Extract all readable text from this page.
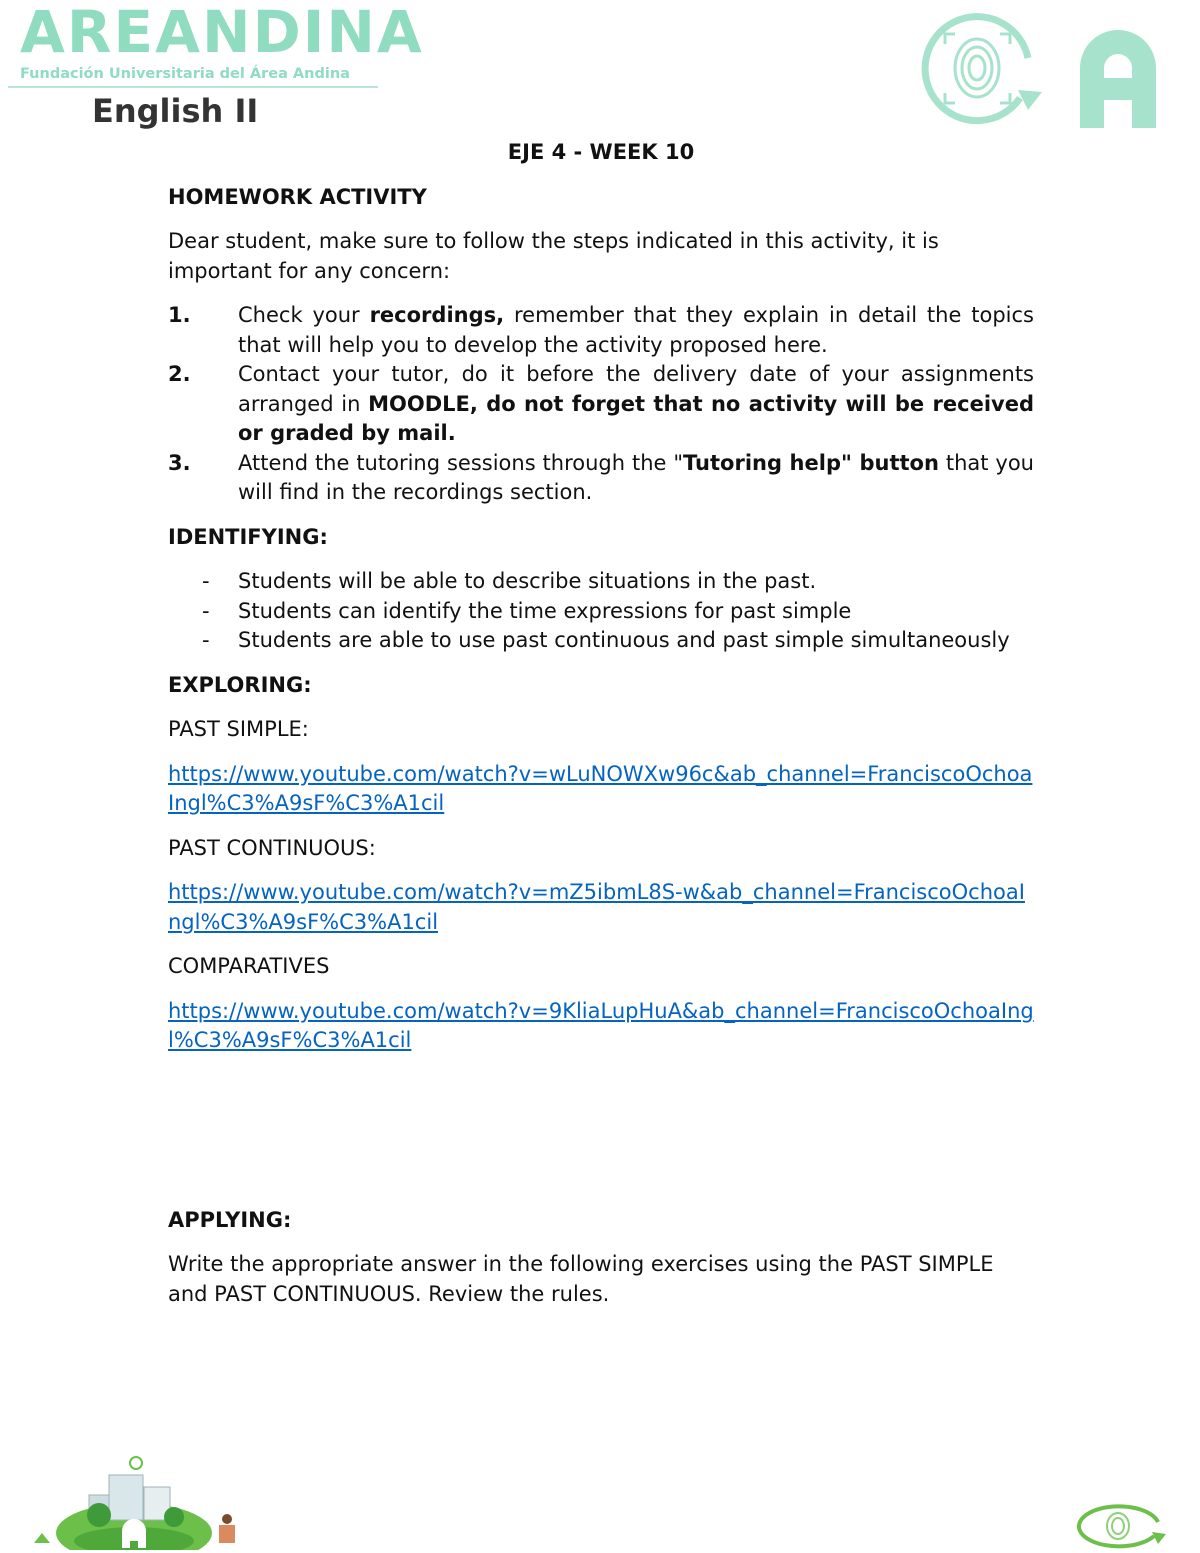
AREANDINA
Fundación Universitaria del Área Andina
English II

EJE 4 - WEEK 10

HOMEWORK ACTIVITY

Dear student, make sure to follow the steps indicated in this activity, it is important for any concern:

1. Check your recordings, remember that they explain in detail the topics that will help you to develop the activity proposed here.
2. Contact your tutor, do it before the delivery date of your assignments arranged in MOODLE, do not forget that no activity will be received or graded by mail.
3. Attend the tutoring sessions through the "Tutoring help" button that you will find in the recordings section.

IDENTIFYING:

- Students will be able to describe situations in the past.
- Students can identify the time expressions for past simple
- Students are able to use past continuous and past simple simultaneously

EXPLORING:

PAST SIMPLE:

https://www.youtube.com/watch?v=wLuNOWXw96c&ab_channel=FranciscoOchoaIngl%C3%A9sF%C3%A1cil

PAST CONTINUOUS:

https://www.youtube.com/watch?v=mZ5ibmL8S-w&ab_channel=FranciscoOchoaIngl%C3%A9sF%C3%A1cil

COMPARATIVES

https://www.youtube.com/watch?v=9KliaLupHuA&ab_channel=FranciscoOchoaIngl%C3%A9sF%C3%A1cil

APPLYING:

Write the appropriate answer in the following exercises using the PAST SIMPLE and PAST CONTINUOUS. Review the rules.
